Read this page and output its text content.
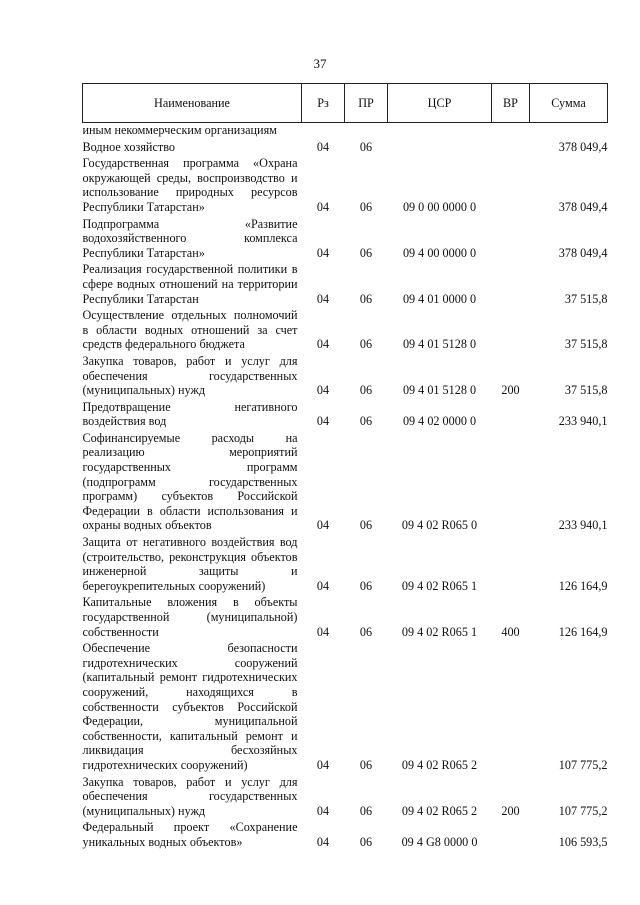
37
Наименование	Рз	ПР	ЦСР	ВР	Сумма
иным некоммерческим организациям					
Водное хозяйство	04	06			378 049,4
Государственная программа «Охрана окружающей среды, воспроизводство и использование природных ресурсов Республики Татарстан»	04	06	09 0 00 0000 0		378 049,4
Подпрограмма «Развитие водохозяйственного комплекса Республики Татарстан»	04	06	09 4 00 0000 0		378 049,4
Реализация государственной политики в сфере водных отношений на территории Республики Татарстан	04	06	09 4 01 0000 0		37 515,8
Осуществление отдельных полномочий в области водных отношений за счет средств федерального бюджета	04	06	09 4 01 5128 0		37 515,8
Закупка товаров, работ и услуг для обеспечения государственных (муниципальных) нужд	04	06	09 4 01 5128 0	200	37 515,8
Предотвращение негативного воздействия вод	04	06	09 4 02 0000 0		233 940,1
Софинансируемые расходы на реализацию мероприятий государственных программ (подпрограмм государственных программ) субъектов Российской Федерации в области использования и охраны водных объектов	04	06	09 4 02 R065 0		233 940,1
Защита от негативного воздействия вод (строительство, реконструкция объектов инженерной защиты и берегоукрепительных сооружений)	04	06	09 4 02 R065 1		126 164,9
Капитальные вложения в объекты государственной (муниципальной) собственности	04	06	09 4 02 R065 1	400	126 164,9
Обеспечение безопасности гидротехнических сооружений (капитальный ремонт гидротехнических сооружений, находящихся в собственности субъектов Российской Федерации, муниципальной собственности, капитальный ремонт и ликвидация бесхозяйных гидротехнических сооружений)	04	06	09 4 02 R065 2		107 775,2
Закупка товаров, работ и услуг для обеспечения государственных (муниципальных) нужд	04	06	09 4 02 R065 2	200	107 775,2
Федеральный проект «Сохранение уникальных водных объектов»	04	06	09 4 G8 0000 0		106 593,5
